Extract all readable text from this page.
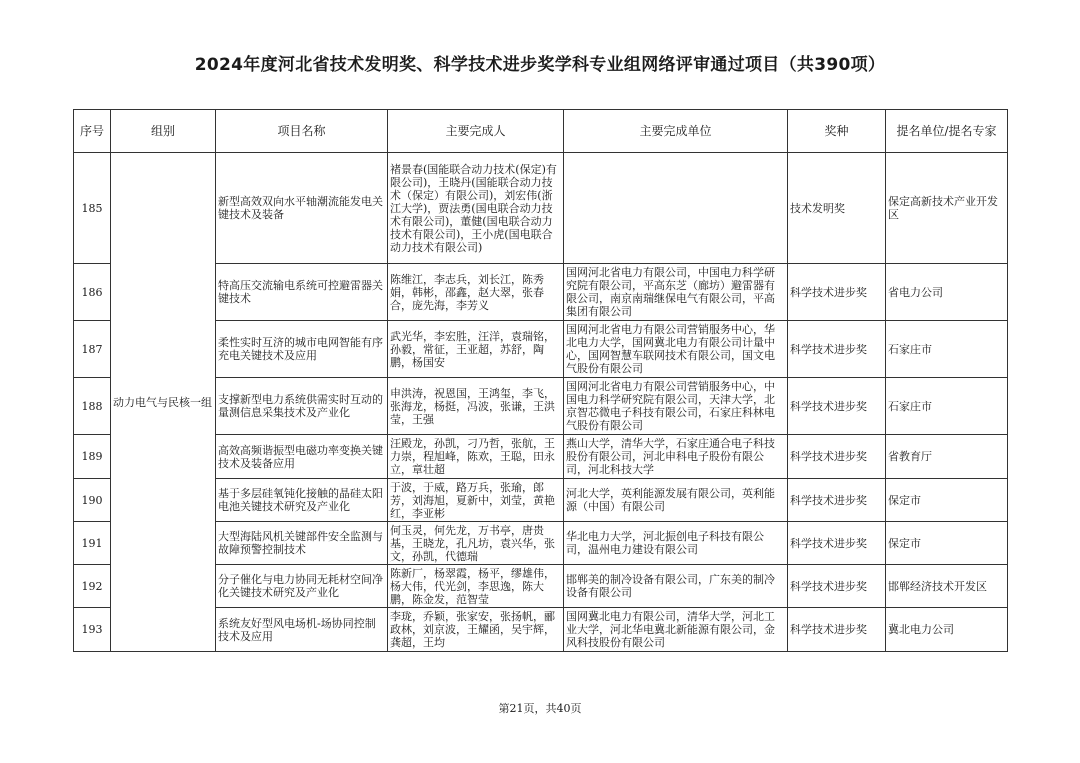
2024年度河北省技术发明奖、科学技术进步奖学科专业组网络评审通过项目（共390项）
序号	组别	项目名称	主要完成人	主要完成单位	奖种	提名单位/提名专家
185	动力电气与民核一组	新型高效双向水平轴潮流能发电关键技术及装备	褚景春(国能联合动力技术(保定)有限公司)，王晓丹(国能联合动力技术（保定）有限公司)，刘宏伟(浙江大学)，贾法勇(国电联合动力技术有限公司)，董健(国电联合动力技术有限公司)，王小虎(国电联合动力技术有限公司)		技术发明奖	保定高新技术产业开发区
186		特高压交流输电系统可控避雷器关键技术	陈维江，李志兵，刘长江，陈秀娟，韩彬，邵鑫，赵大翠，张春合，庞先海，李芳义	国网河北省电力有限公司，中国电力科学研究院有限公司，平高东芝（廊坊）避雷器有限公司，南京南瑞继保电气有限公司，平高集团有限公司	科学技术进步奖	省电力公司
187		柔性实时互济的城市电网智能有序充电关键技术及应用	武光华，李宏胜，汪洋，袁瑞铭，孙毅，常征，王亚超，苏舒，陶鹏，杨国安	国网河北省电力有限公司营销服务中心，华北电力大学，国网冀北电力有限公司计量中心，国网智慧车联网技术有限公司，国文电气股份有限公司	科学技术进步奖	石家庄市
188		支撑新型电力系统供需实时互动的量测信息采集技术及产业化	申洪涛，祝恩国，王鸿玺，李飞，张海龙，杨挺，冯波，张谦，王洪莹，王强	国网河北省电力有限公司营销服务中心，中国电力科学研究院有限公司，天津大学，北京智芯微电子科技有限公司，石家庄科林电气股份有限公司	科学技术进步奖	石家庄市
189		高效高频谐振型电磁功率变换关键技术及装备应用	汪殿龙，孙凯，刁乃哲，张航，王力崇，程旭峰，陈欢，王聪，田永立，章壮超	燕山大学，清华大学，石家庄通合电子科技股份有限公司，河北申科电子股份有限公司，河北科技大学	科学技术进步奖	省教育厅
190		基于多层硅氧钝化接触的晶硅太阳电池关键技术研究及产业化	于波，于威，路万兵，张瑜，郎芳，刘海旭，夏新中，刘莹，黄艳红，李亚彬	河北大学，英利能源发展有限公司，英利能源（中国）有限公司	科学技术进步奖	保定市
191		大型海陆风机关键部件安全监测与故障预警控制技术	何玉灵，何先龙，万书亭，唐贵基，王晓龙，孔凡坊，袁兴华，张文，孙凯，代德瑞	华北电力大学，河北振创电子科技有限公司，温州电力建设有限公司	科学技术进步奖	保定市
192		分子催化与电力协同无耗材空间净化关键技术研究及产业化	陈新厂，杨翠霞，杨平，缪雄伟，杨大伟，代光剑，李思逸，陈大鹏，陈金发，范智莹	邯郸美的制冷设备有限公司，广东美的制冷设备有限公司	科学技术进步奖	邯郸经济技术开发区
193		系统友好型风电场机-场协同控制技术及应用	李珑，乔颖，张家安，张扬帆，郦政林，刘京波，王耀函，吴宇辉，龚超，王均	国网冀北电力有限公司，清华大学，河北工业大学，河北华电冀北新能源有限公司，金风科技股份有限公司	科学技术进步奖	冀北电力公司
第21页，共40页
